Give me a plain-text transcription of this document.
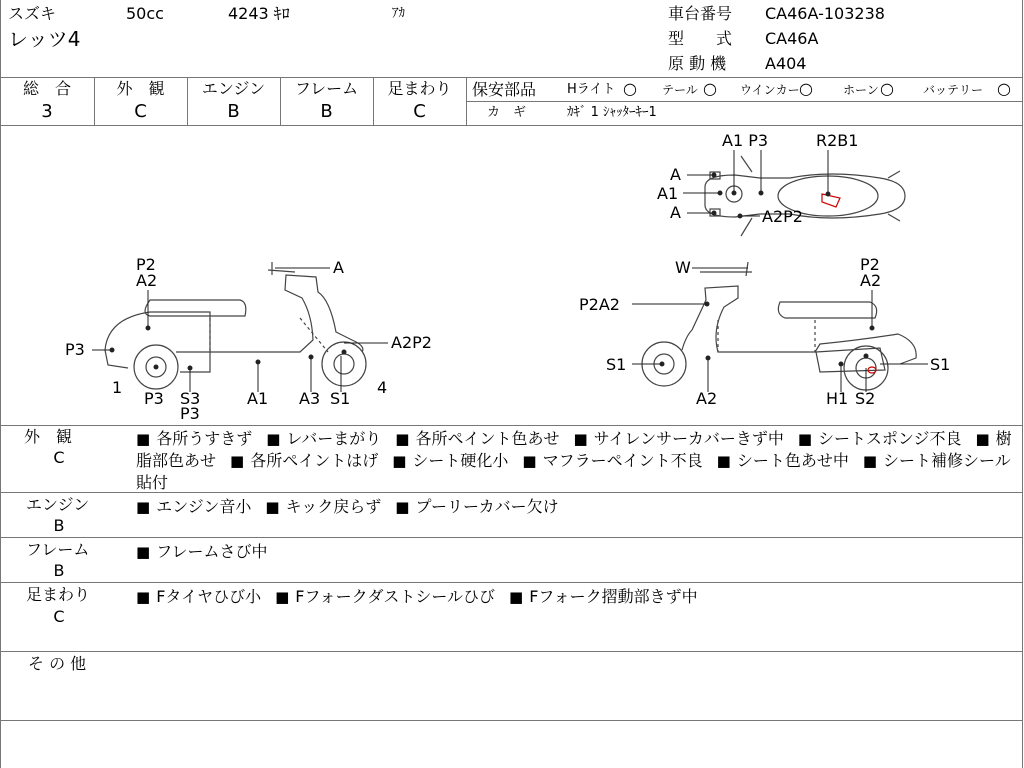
スズキ	50cc	4243 ｷﾛ	ｱｶ
レッツ4
車台番号 CA46A-103238
型　　式 CA46A
原 動 機 A404
総　合	外　観	エンジン	フレーム	足まわり
3	C	B	B	C
保安部品 Hライト ○ テール ○ ウインカー ○	ホーン ○ バッテリー ○
カ　ギ	ｶｷﾞ 1 ｼｬｯﾀｰｷｰ1
A1 P3	R2B1
A
A1
A	A2P2
P2
A2
A
P3	A2P2
1	4
P3 S3
P3
A1 A3 S1
W	P2
A2
P2A2
S1	S1
A2	H1 S2
外　観
C
■ 各所うすきず ■ レバーまがり ■ 各所ペイント色あせ ■ サイレンサーカバーきず中 ■ シートスポンジ不良 ■ 樹脂部色あせ ■ 各所ペイントはげ ■ シート硬化小 ■ マフラーペイント不良 ■ シート色あせ中 ■ シート補修シール貼付
エンジン
B
■ エンジン音小 ■ キック戻らず ■ プーリーカバー欠け
フレーム
B
■ フレームさび中
足まわり
C
■ Fタイヤひび小 ■ Fフォークダストシールひび ■ Fフォーク摺動部きず中
そ の 他
